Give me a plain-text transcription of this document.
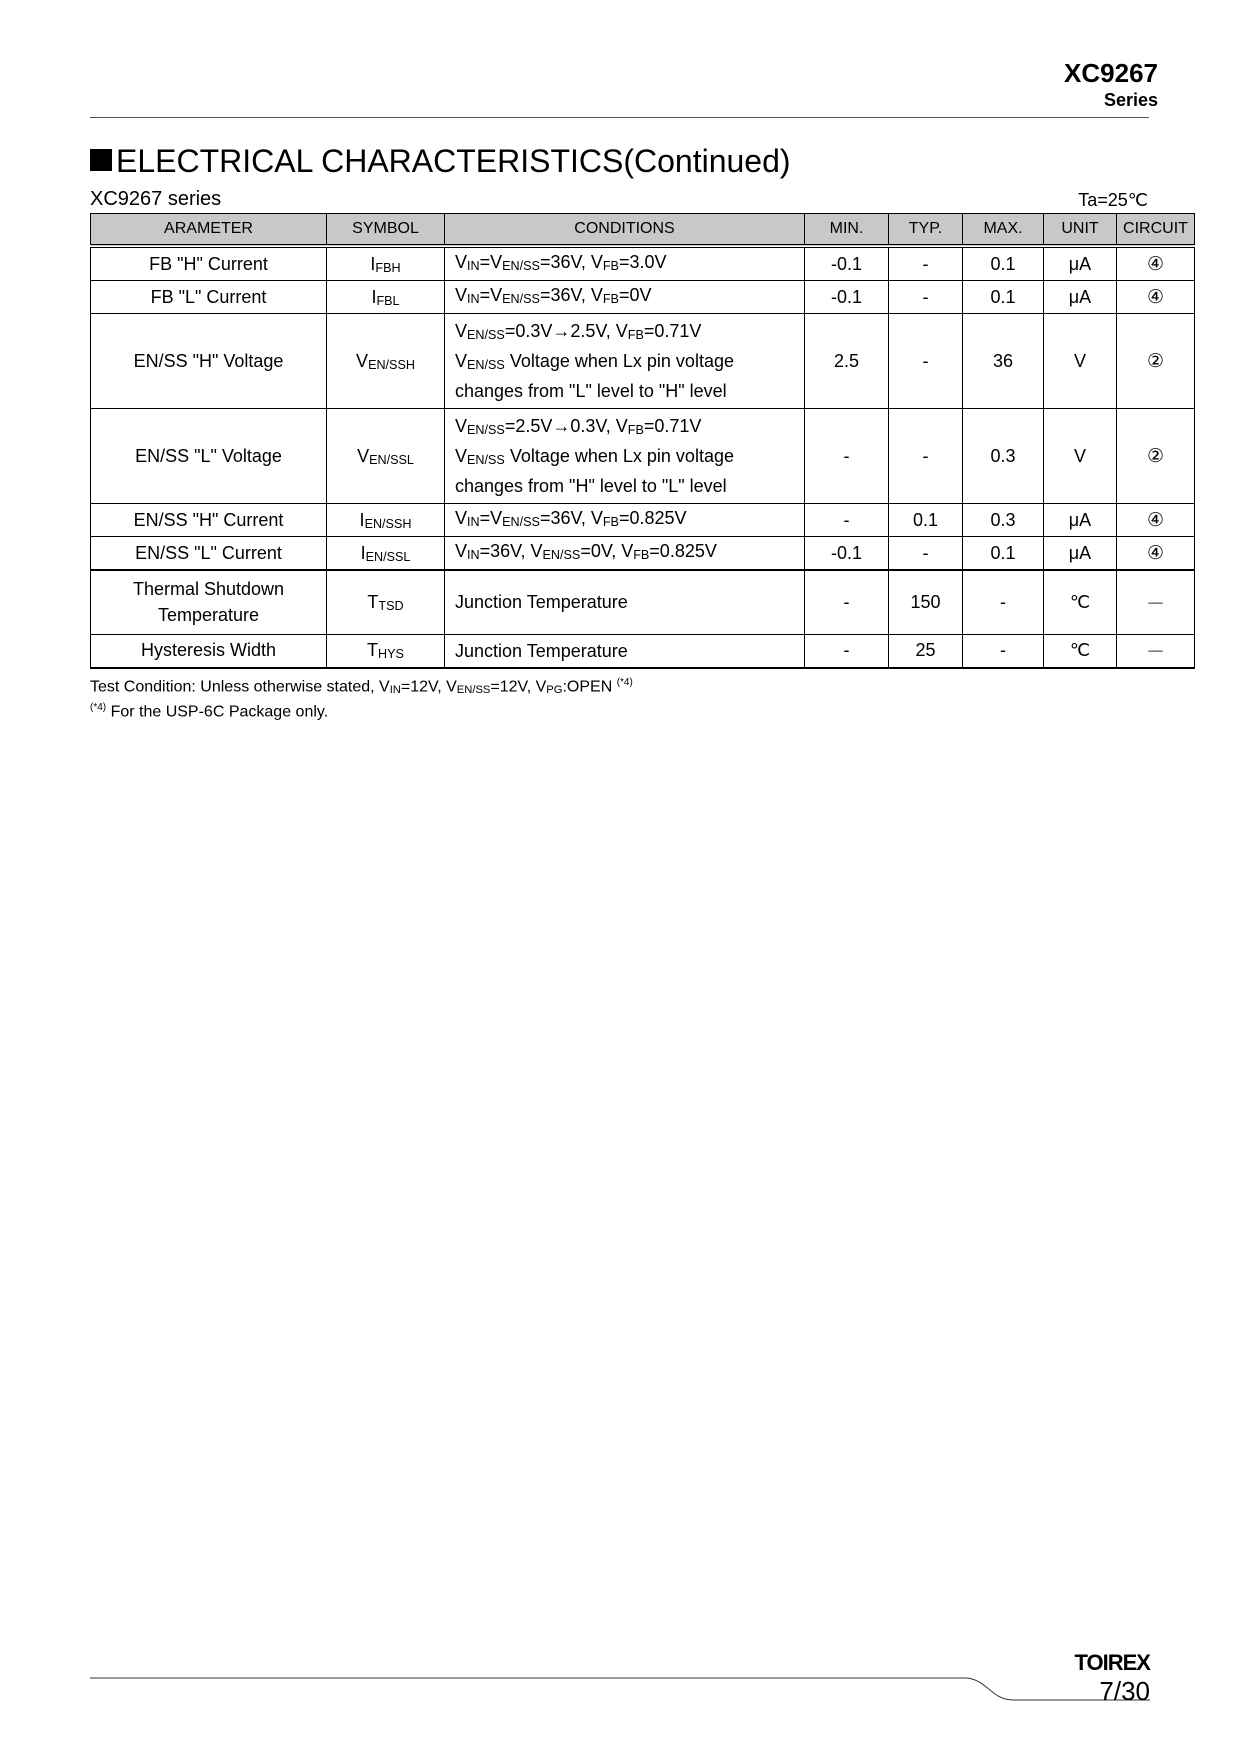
XC9267
Series
ELECTRICAL CHARACTERISTICS(Continued)
XC9267 series	Ta=25℃
ARAMETER	SYMBOL	CONDITIONS	MIN.	TYP.	MAX.	UNIT	CIRCUIT
FB "H" Current	$I_{FBH}$	$V_{IN}=V_{EN/SS}=36V$, $V_{FB}=3.0V$	-0.1	-	0.1	μA	④
FB "L" Current	$I_{FBL}$	$V_{IN}=V_{EN/SS}=36V$, $V_{FB}=0V$	-0.1	-	0.1	μA	④
EN/SS "H" Voltage	$V_{EN/SSH}$	$V_{EN/SS}=0.3V\to 2.5V$, $V_{FB}=0.71V$
$V_{EN/SS}$ Voltage when Lx pin voltage
changes from "L" level to "H" level	2.5	-	36	V	②
EN/SS "L" Voltage	$V_{EN/SSL}$	$V_{EN/SS}=2.5V\to 0.3V$, $V_{FB}=0.71V$
$V_{EN/SS}$ Voltage when Lx pin voltage
changes from "H" level to "L" level	-	-	0.3	V	②
EN/SS "H" Current	$I_{EN/SSH}$	$V_{IN}=V_{EN/SS}=36V$, $V_{FB}=0.825V$	-	0.1	0.3	μA	④
EN/SS "L" Current	$I_{EN/SSL}$	$V_{IN}=36V$, $V_{EN/SS}=0V$, $V_{FB}=0.825V$	-0.1	-	0.1	μA	④
Thermal Shutdown
Temperature	$T_{TSD}$	Junction Temperature	-	150	-	℃	－
Hysteresis Width	$T_{HYS}$	Junction Temperature	-	25	-	℃	－
Test Condition: Unless otherwise stated, $V_{IN}=12V$, $V_{EN/SS}=12V$, $V_{PG}:OPEN$ $^{(*4)}$
$^{(*4)}$ For the USP-6C Package only.
TOIREX
7/30
